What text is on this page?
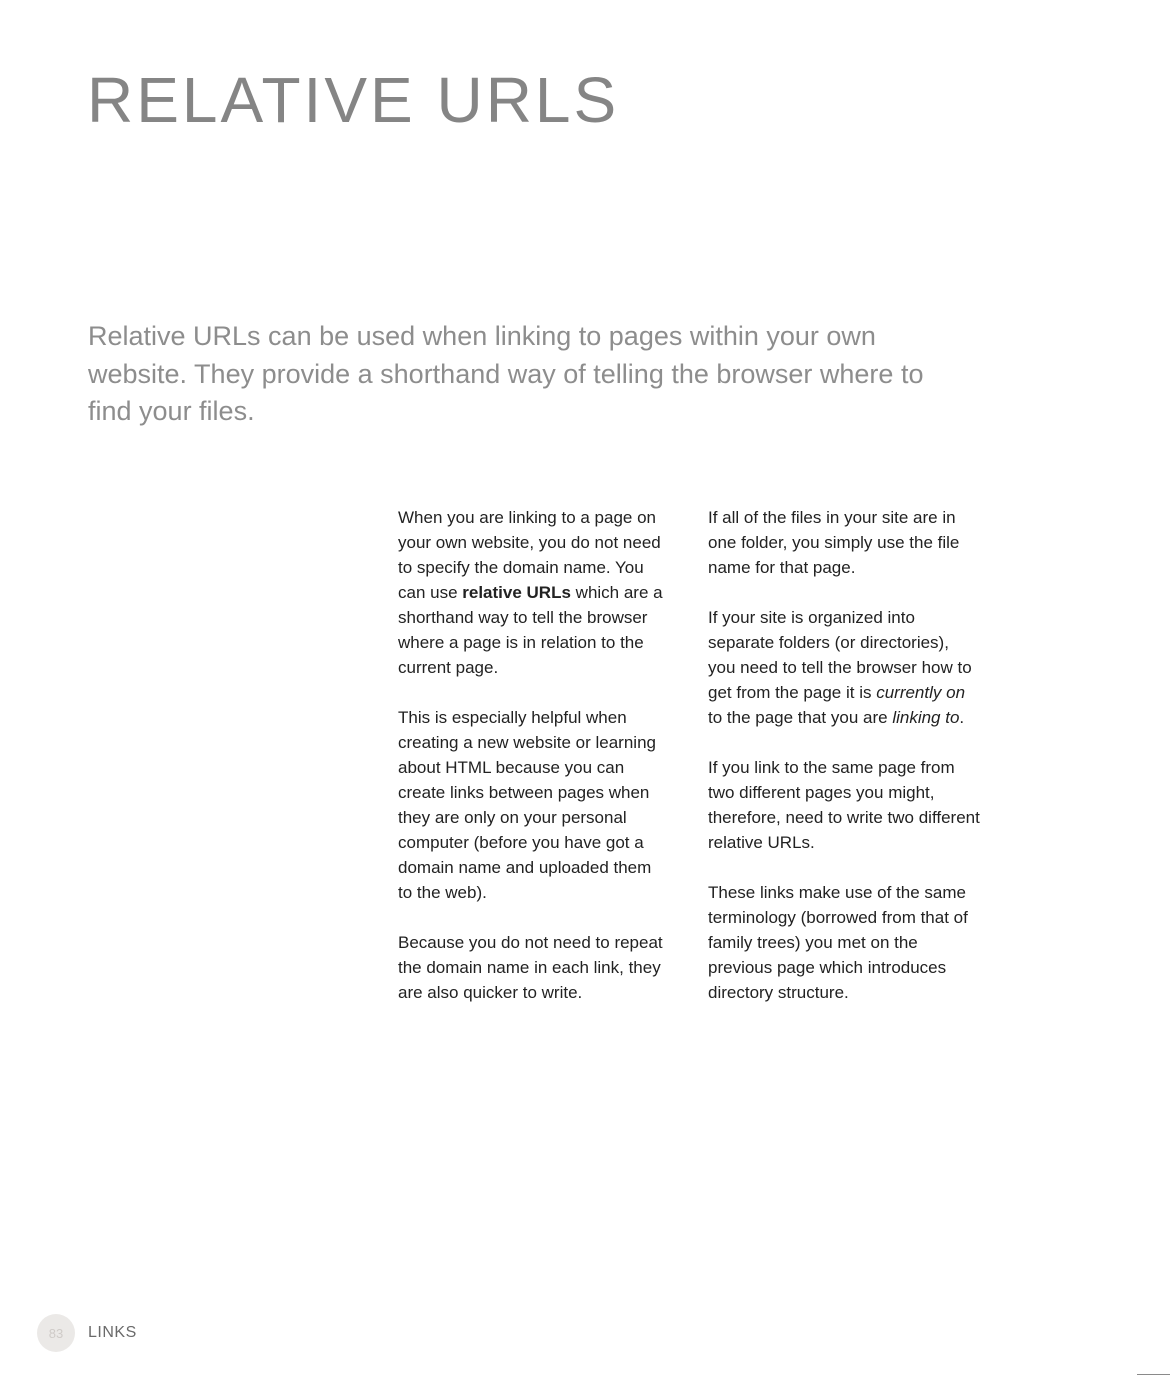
RELATIVE URLS

Relative URLs can be used when linking to pages within your own website. They provide a shorthand way of telling the browser where to find your files.

When you are linking to a page on your own website, you do not need to specify the domain name. You can use relative URLs which are a shorthand way to tell the browser where a page is in relation to the current page.

This is especially helpful when creating a new website or learning about HTML because you can create links between pages when they are only on your personal computer (before you have got a domain name and uploaded them to the web).

Because you do not need to repeat the domain name in each link, they are also quicker to write.

If all of the files in your site are in one folder, you simply use the file name for that page.

If your site is organized into separate folders (or directories), you need to tell the browser how to get from the page it is currently on to the page that you are linking to.

If you link to the same page from two different pages you might, therefore, need to write two different relative URLs.

These links make use of the same terminology (borrowed from that of family trees) you met on the previous page which introduces directory structure.

83	LINKS
